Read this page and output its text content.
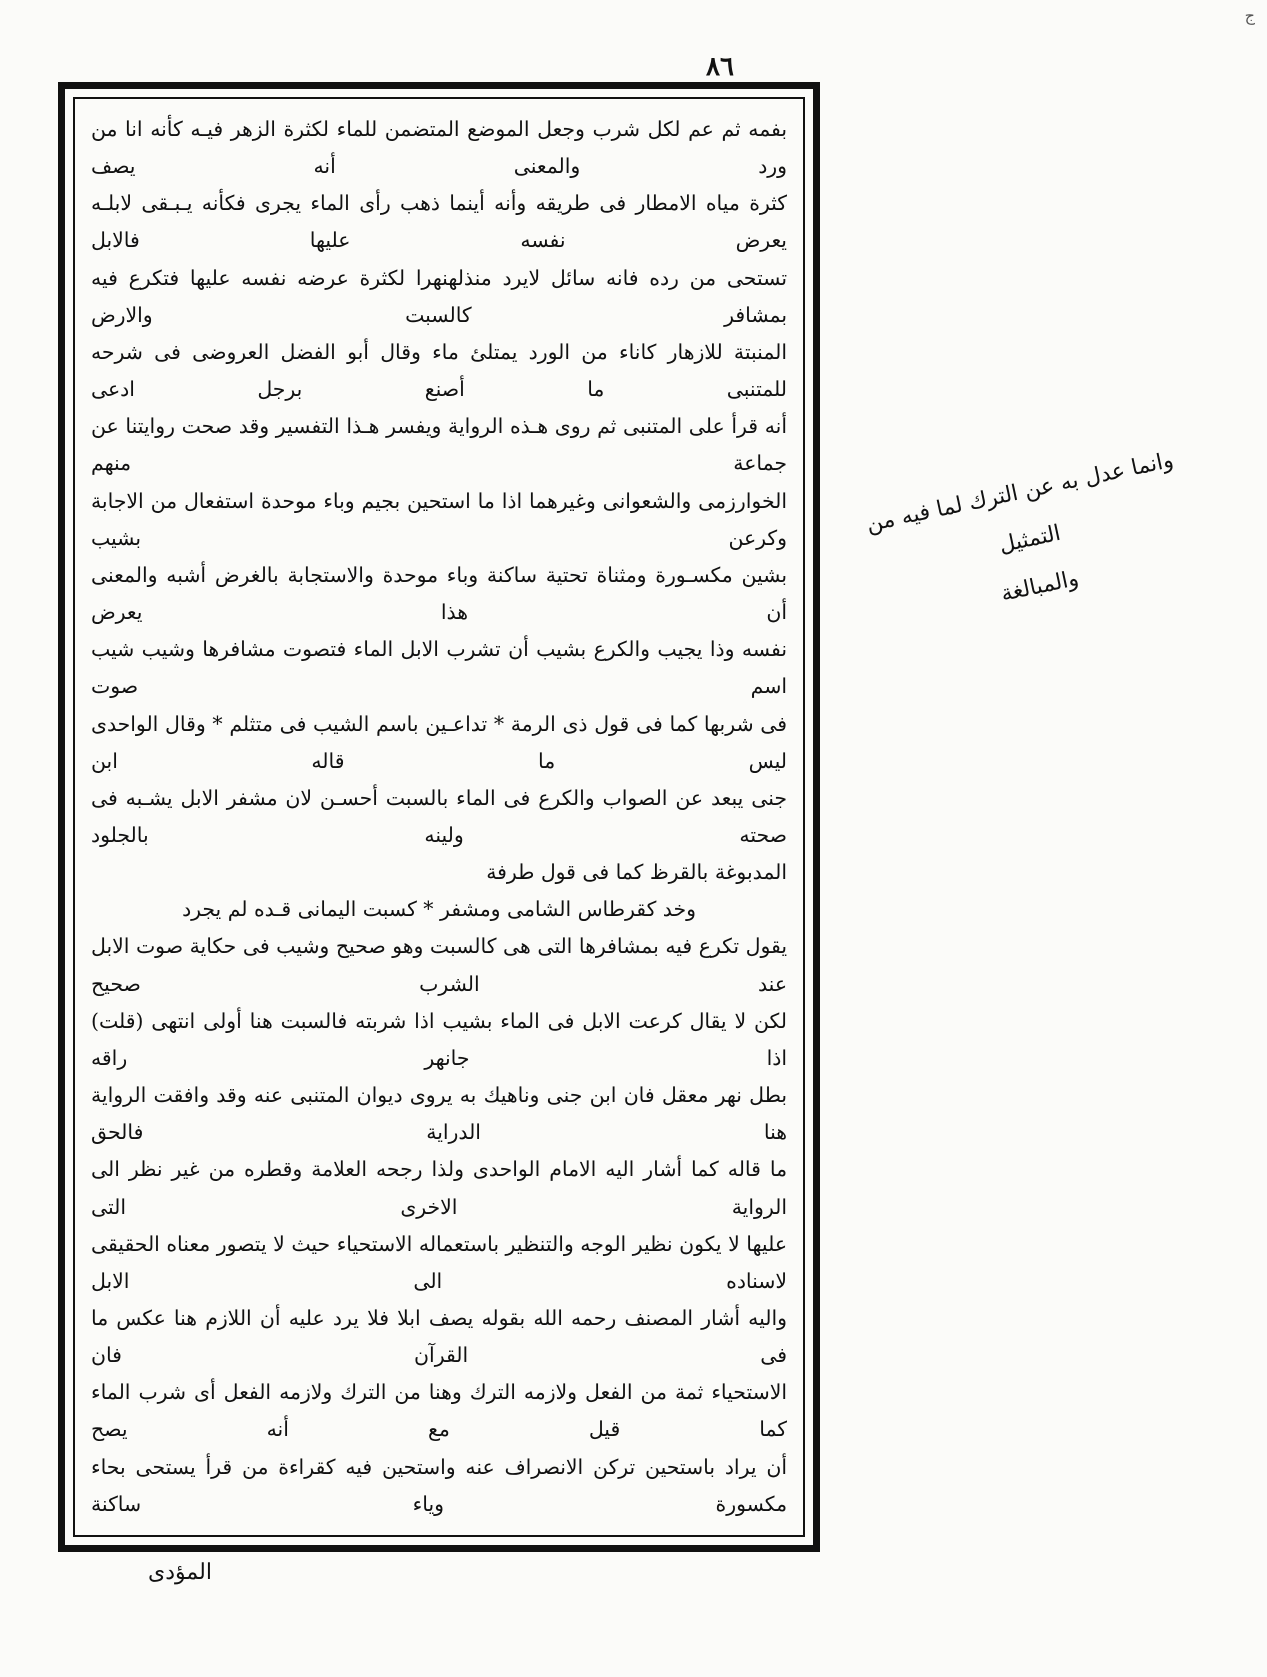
ج
٨٦

بفمه ثم عم لكل شرب وجعل الموضع المتضمن للماء لكثرة الزهر فيـه كأنه انا من ورد والمعنى أنه يصف

كثرة مياه الامطار فى طريقه وأنه أينما ذهب رأى الماء يجرى فكأنه يـبـقى لابلـه يعرض نفسه عليها فالابل

تستحى من رده فانه سائل لايرد منذلهنهرا لكثرة عرضه نفسه عليها فتكرع فيه بمشافر كالسبت والارض

المنبتة للازهار كاناء من الورد يمتلئ ماء وقال أبو الفضل العروضى فى شرحه للمتنبى ما أصنع برجل ادعى

أنه قرأ على المتنبى ثم روى هـذه الرواية ويفسر هـذا التفسير وقد صحت روايتنا عن جماعة منهم

الخوارزمى والشعوانى وغيرهما اذا ما استحين بجيم وباء موحدة استفعال من الاجابة وكرعن بشيب

بشين مكسـورة ومثناة تحتية ساكنة وباء موحدة والاستجابة بالغرض أشبه والمعنى أن هذا يعرض

نفسه وذا يجيب والكرع بشيب أن تشرب الابل الماء فتصوت مشافرها وشيب شيب اسم صوت

فى شربها كما فى قول ذى الرمة * تداعـين باسم الشيب فى متثلم * وقال الواحدى ليس ما قاله ابن

جنى يبعد عن الصواب والكرع فى الماء بالسبت أحسـن لان مشفر الابل يشـبه فى صحته ولينه بالجلود

المدبوغة بالقرظ كما فى قول طرفة

وخد كقرطاس الشامى ومشفر * كسبت اليمانى قـده لم يجرد

يقول تكرع فيه بمشافرها التى هى كالسبت وهو صحيح وشيب فى حكاية صوت الابل عند الشرب صحيح

لكن لا يقال كرعت الابل فى الماء بشيب اذا شربته فالسبت هنا أولى انتهى (قلت) اذا جانهر راقه

بطل نهر معقل فان ابن جنى وناهيك به يروى ديوان المتنبى عنه وقد وافقت الرواية هنا الدراية فالحق

ما قاله كما أشار اليه الامام الواحدى ولذا رجحه العلامة وقطره من غير نظر الى الرواية الاخرى التى

عليها لا يكون نظير الوجه والتنظير باستعماله الاستحياء حيث لا يتصور معناه الحقيقى لاسناده الى الابل

واليه أشار المصنف رحمه الله بقوله يصف ابلا فلا يرد عليه أن اللازم هنا عكس ما فى القرآن فان

الاستحياء ثمة من الفعل ولازمه الترك وهنا من الترك ولازمه الفعل أى شرب الماء كما قيل مع أنه يصح

أن يراد باستحين تركن الانصراف عنه واستحين فيه كقراءة من قرأ يستحى بحاء مكسورة وياء ساكنة

وانما عدل به عن الترك لما فيه من التمثيل
والمبالغة
المؤدى
